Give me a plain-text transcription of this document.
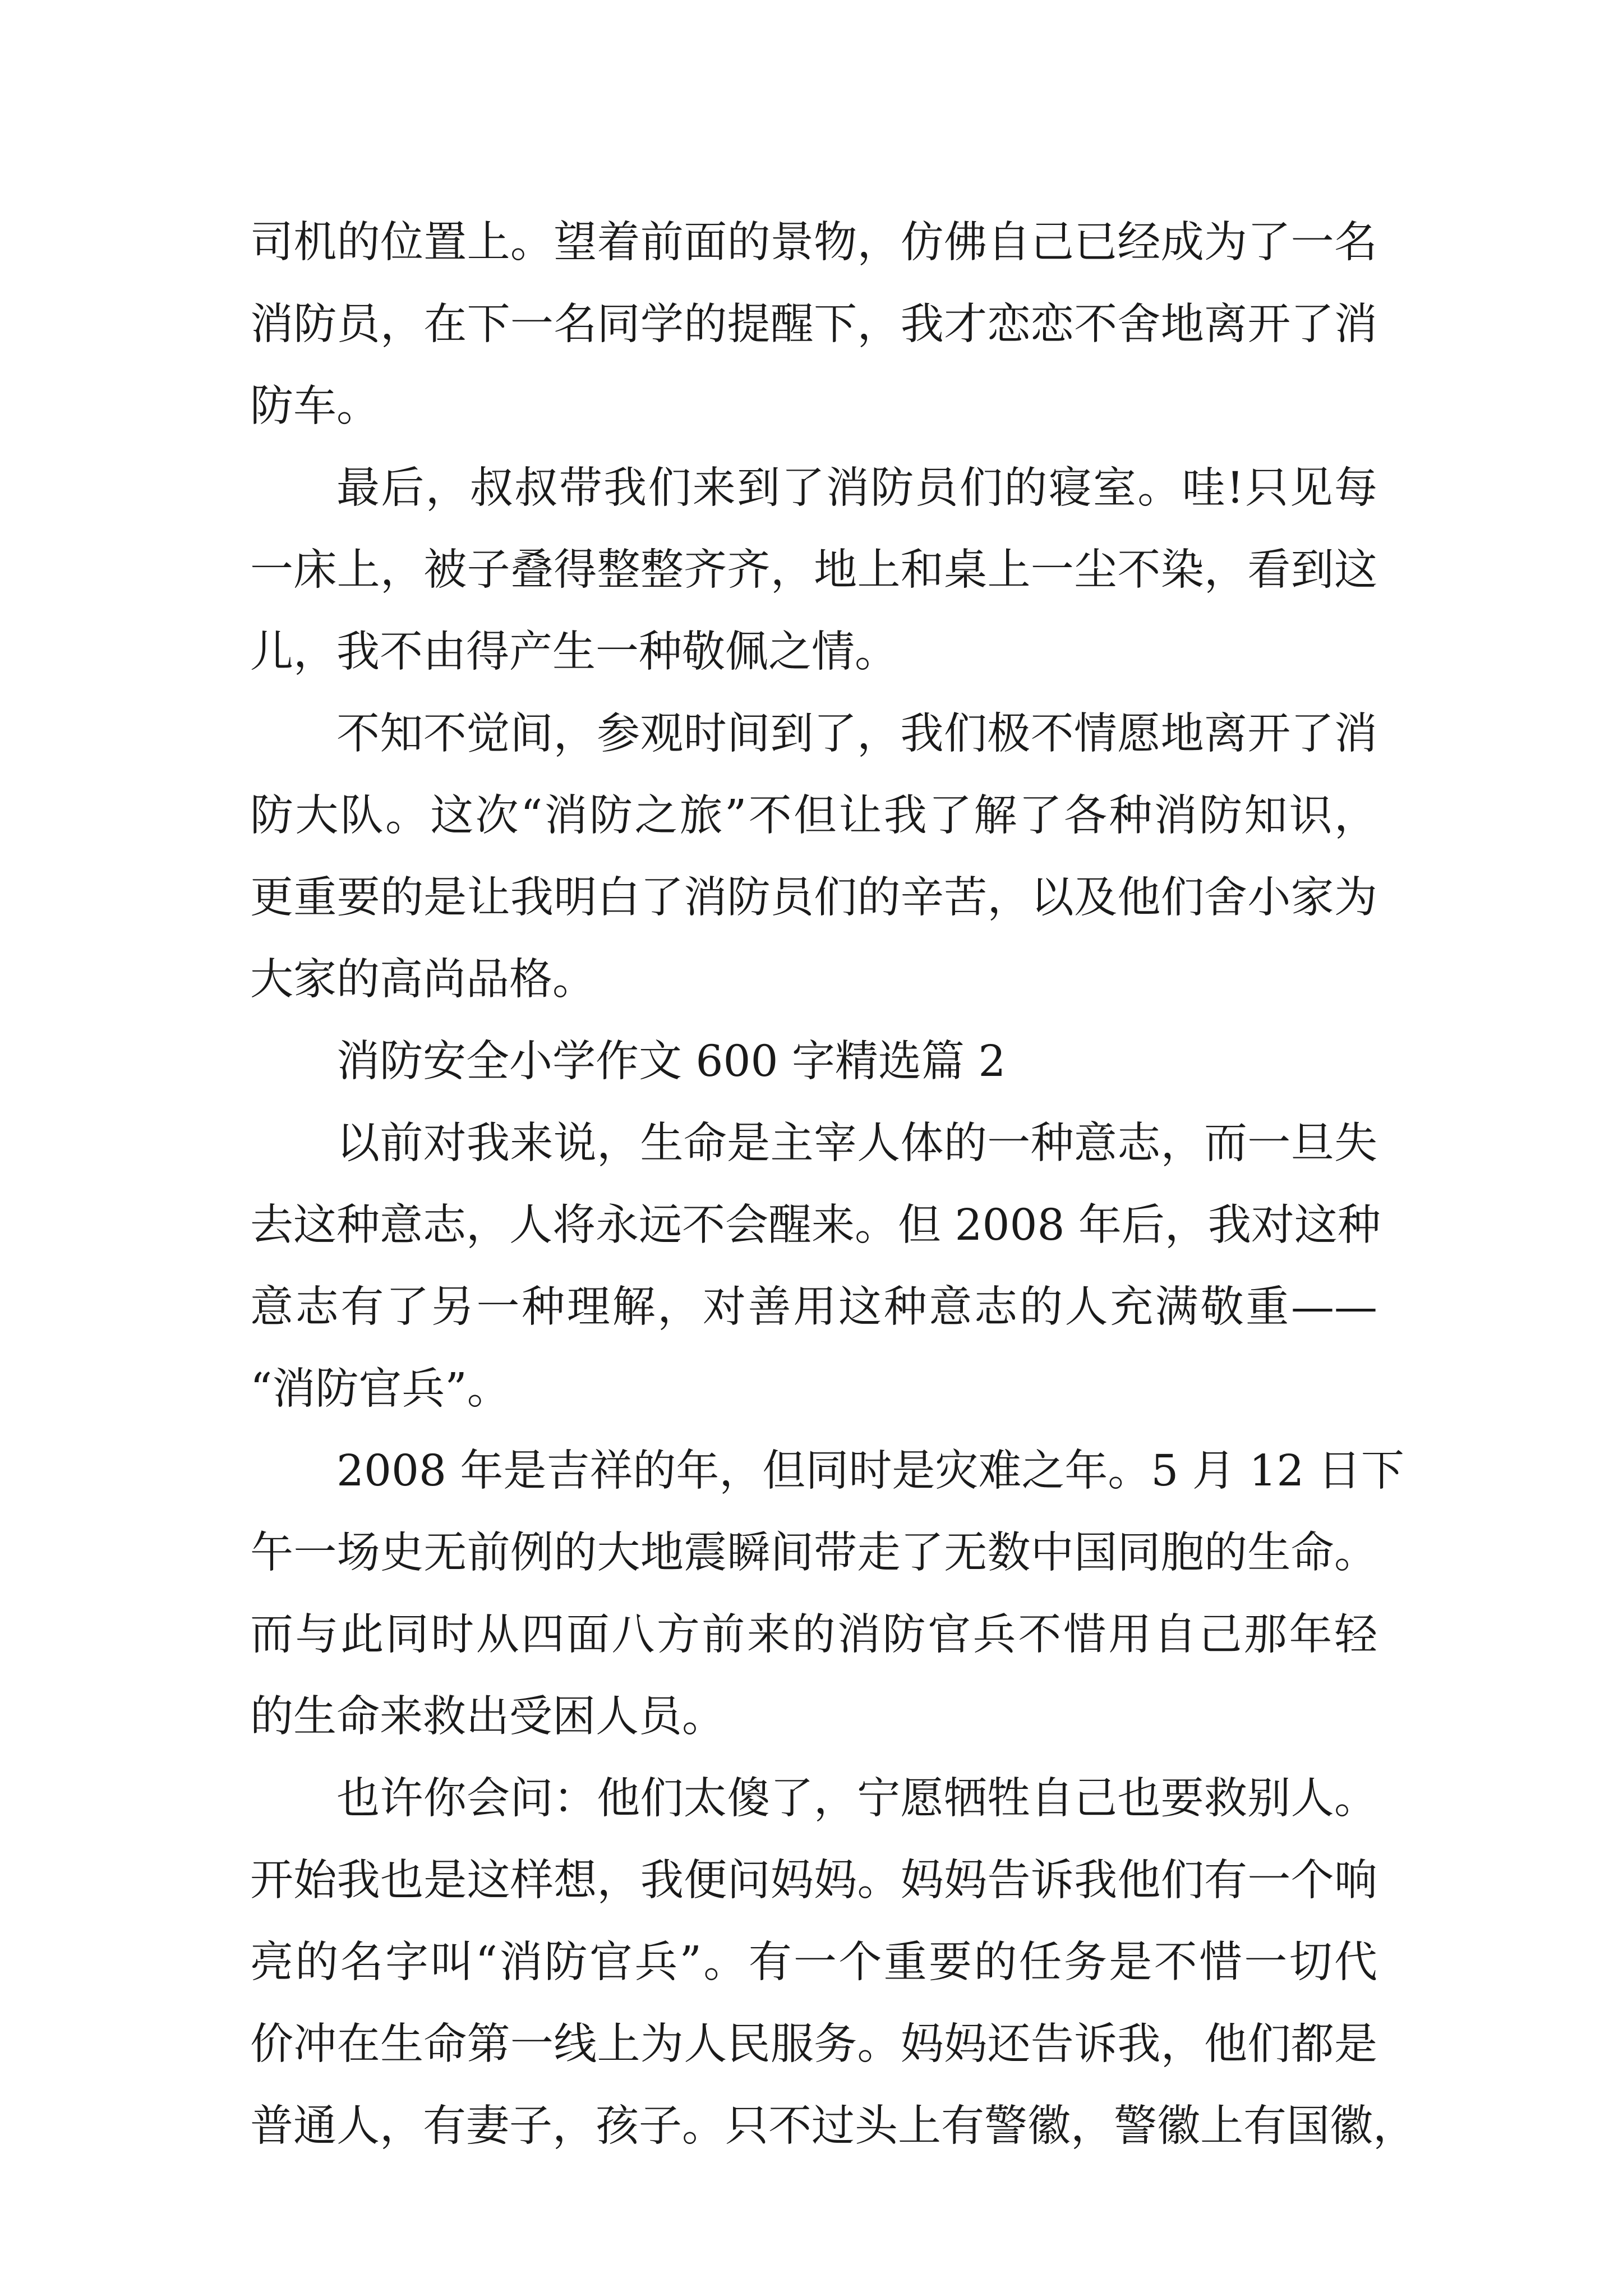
司机的位置上。望着前面的景物，仿佛自己已经成为了一名
消防员，在下一名同学的提醒下，我才恋恋不舍地离开了消
防车。
最后，叔叔带我们来到了消防员们的寝室。哇!只见每
一床上，被子叠得整整齐齐，地上和桌上一尘不染，看到这
儿，我不由得产生一种敬佩之情。
不知不觉间，参观时间到了，我们极不情愿地离开了消
防大队。这次“消防之旅”不但让我了解了各种消防知识，
更重要的是让我明白了消防员们的辛苦，以及他们舍小家为
大家的高尚品格。
消防安全小学作文 600 字精选篇 2
以前对我来说，生命是主宰人体的一种意志，而一旦失
去这种意志，人将永远不会醒来。但 2008 年后，我对这种
意志有了另一种理解，对善用这种意志的人充满敬重——
“消防官兵”。
2008 年是吉祥的年，但同时是灾难之年。5 月 12 日下
午一场史无前例的大地震瞬间带走了无数中国同胞的生命。
而与此同时从四面八方前来的消防官兵不惜用自己那年轻
的生命来救出受困人员。
也许你会问：他们太傻了，宁愿牺牲自己也要救别人。
开始我也是这样想，我便问妈妈。妈妈告诉我他们有一个响
亮的名字叫“消防官兵”。有一个重要的任务是不惜一切代
价冲在生命第一线上为人民服务。妈妈还告诉我，他们都是
普通人，有妻子，孩子。只不过头上有警徽，警徽上有国徽，
